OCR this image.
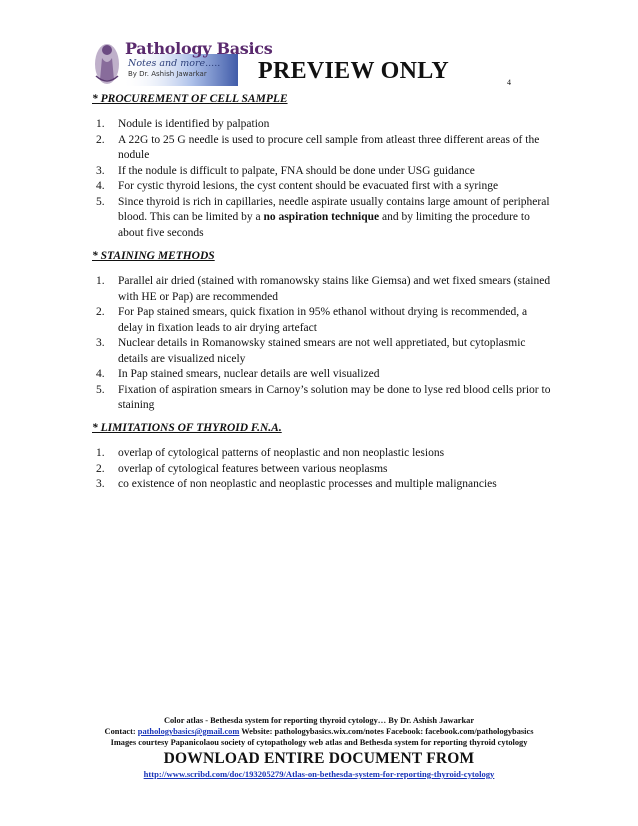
Pathology Basics
Notes and more.....
By Dr. Ashish Jawarkar PREVIEW ONLY	4
* PROCUREMENT OF CELL SAMPLE
1. Nodule is identified by palpation
2. A 22G to 25 G needle is used to procure cell sample from atleast three different areas of the nodule
3. If the nodule is difficult to palpate, FNA should be done under USG guidance
4. For cystic thyroid lesions, the cyst content should be evacuated first with a syringe
5. Since thyroid is rich in capillaries, needle aspirate usually contains large amount of peripheral blood. This can be limited by a no aspiration technique and by limiting the procedure to about five seconds
* STAINING METHODS
1. Parallel air dried (stained with romanowsky stains like Giemsa) and wet fixed smears (stained with HE or Pap) are recommended
2. For Pap stained smears, quick fixation in 95% ethanol without drying is recommended, a delay in fixation leads to air drying artefact
3. Nuclear details in Romanowsky stained smears are not well appretiated, but cytoplasmic details are visualized nicely
4. In Pap stained smears, nuclear details are well visualized
5. Fixation of aspiration smears in Carnoy’s solution may be done to lyse red blood cells prior to staining
* LIMITATIONS OF THYROID F.N.A.
1. overlap of cytological patterns of neoplastic and non neoplastic lesions
2. overlap of cytological features between various neoplasms
3. co existence of non neoplastic and neoplastic processes and multiple malignancies
Color atlas - Bethesda system for reporting thyroid cytology… By Dr. Ashish Jawarkar
Contact: pathologybasics@gmail.com Website: pathologybasics.wix.com/notes Facebook: facebook.com/pathologybasics
Images courtesy Papanicolaou society of cytopathology web atlas and Bethesda system for reporting thyroid cytology
DOWNLOAD ENTIRE DOCUMENT FROM
http://www.scribd.com/doc/193205279/Atlas-on-bethesda-system-for-reporting-thyroid-cytology
